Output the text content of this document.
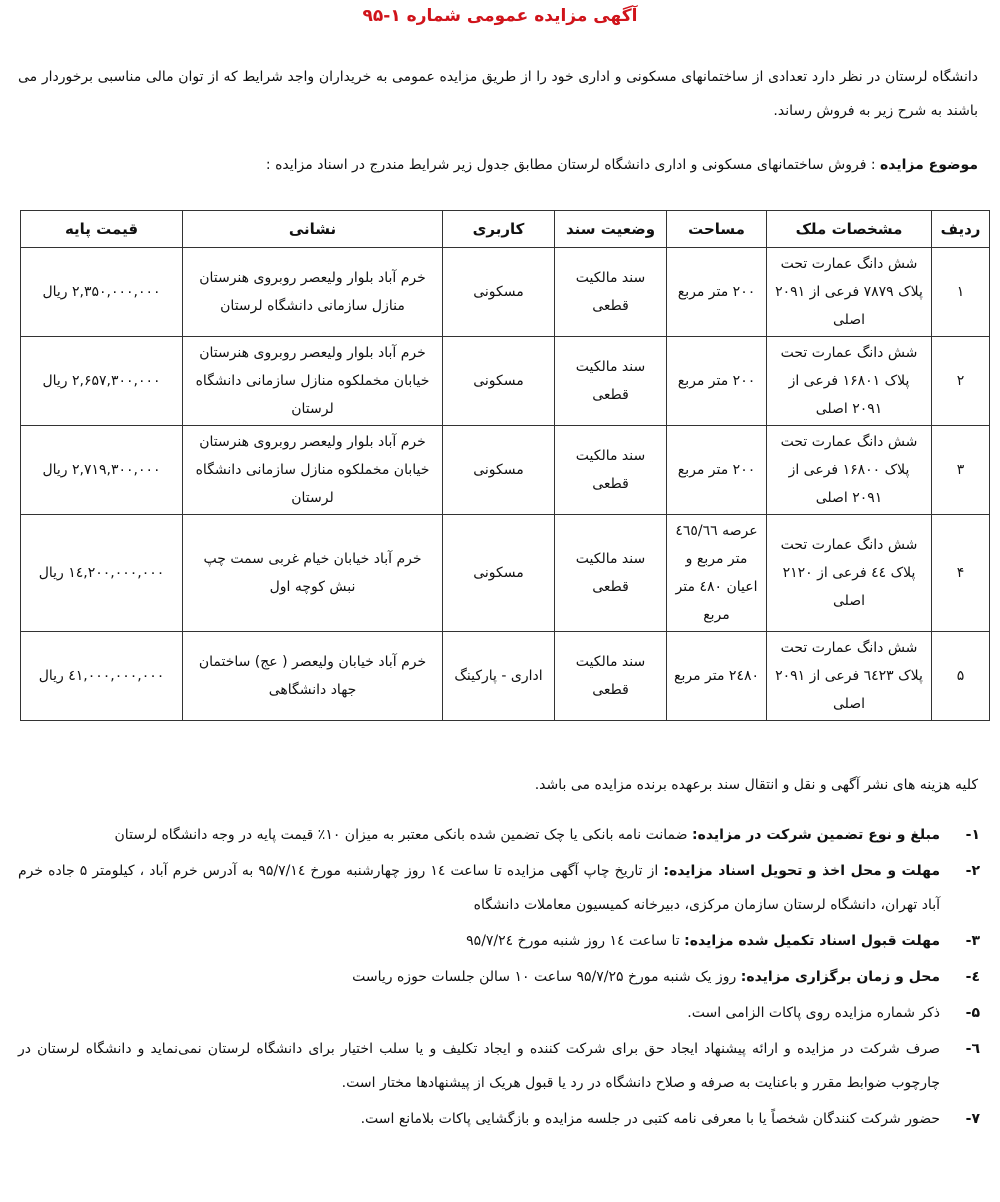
آگهی مزایده عمومی شماره ۱-۹۵

دانشگاه لرستان در نظر دارد تعدادی از ساختمانهای مسکونی و اداری خود را از طریق مزایده عمومی به خریداران واجد شرایط که از توان مالی مناسبی برخوردار می باشند به شرح زیر به فروش رساند.

موضوع مزایده : فروش ساختمانهای مسکونی و اداری دانشگاه لرستان مطابق جدول زیر شرایط مندرج در اسناد مزایده :

ردیف	مشخصات ملک	مساحت	وضعیت سند	کاربری	نشانی	قیمت پایه
۱	شش دانگ عمارت تحت پلاک ۷۸۷۹ فرعی از ۲۰۹۱ اصلی	۲۰۰ متر مربع	سند مالکیت قطعی	مسکونی	خرم آباد بلوار ولیعصر روبروی هنرستان منازل سازمانی دانشگاه لرستان	۲,۳۵۰,۰۰۰,۰۰۰ ریال
۲	شش دانگ عمارت تحت پلاک ۱۶۸۰۱ فرعی از ۲۰۹۱ اصلی	۲۰۰ متر مربع	سند مالکیت قطعی	مسکونی	خرم آباد بلوار ولیعصر روبروی هنرستان خیابان مخملکوه منازل سازمانی دانشگاه لرستان	۲,۶۵۷,۳۰۰,۰۰۰ ریال
۳	شش دانگ عمارت تحت پلاک ۱۶۸۰۰ فرعی از ۲۰۹۱ اصلی	۲۰۰ متر مربع	سند مالکیت قطعی	مسکونی	خرم آباد بلوار ولیعصر روبروی هنرستان خیابان مخملکوه منازل سازمانی دانشگاه لرستان	۲,۷۱۹,۳۰۰,۰۰۰ ریال
۴	شش دانگ عمارت تحت پلاک ٤٤ فرعی از ۲۱۲۰ اصلی	عرصه ٤٦٥/٦٦ متر مربع و اعیان ٤٨٠ متر مربع	سند مالکیت قطعی	مسکونی	خرم آباد خیابان خیام غربی سمت چپ نبش کوچه اول	١٤,٢٠٠,٠٠٠,٠٠٠ ریال
۵	شش دانگ عمارت تحت پلاک ٦٤٢٣ فرعی از ۲۰۹۱ اصلی	۲٤٨٠ متر مربع	سند مالکیت قطعی	اداری - پارکینگ	خرم آباد خیابان ولیعصر ( عج) ساختمان جهاد دانشگاهی	٤١,٠٠٠,٠٠٠,٠٠٠ ریال

کلیه هزینه های نشر آگهی و نقل و انتقال سند برعهده برنده مزایده می باشد.

۱-
مبلغ و نوع تضمین شرکت در مزایده: ضمانت نامه بانکی یا چک تضمین شده بانکی معتبر به میزان ۱۰٪ قیمت پایه در وجه دانشگاه لرستان
۲-
مهلت و محل اخذ و تحویل اسناد مزایده: از تاریخ چاپ آگهی مزایده تا ساعت ١٤ روز چهارشنبه مورخ ۹۵/۷/١٤ به آدرس خرم آباد ، کیلومتر ۵ جاده خرم آباد تهران، دانشگاه لرستان سازمان مرکزی، دبیرخانه کمیسیون معاملات دانشگاه
۳-
مهلت قبول اسناد تکمیل شده مزایده: تا ساعت ١٤ روز شنبه مورخ ۹۵/۷/۲٤
٤-
محل و زمان برگزاری مزایده: روز یک شنبه مورخ ۹۵/۷/۲۵ ساعت ۱۰ سالن جلسات حوزه ریاست
۵-
ذکر شماره مزایده روی پاکات الزامی است.
٦-
صرف شرکت در مزایده و ارائه پیشنهاد ایجاد حق برای شرکت کننده و ایجاد تکلیف و یا سلب اختیار برای دانشگاه لرستان نمی‌نماید و دانشگاه لرستان در چارچوب ضوابط مقرر و باعنایت به صرفه و صلاح دانشگاه در رد یا قبول هریک از پیشنهادها مختار است.
۷-
حضور شرکت کنندگان شخصاً یا با معرفی نامه کتبی در جلسه مزایده و بازگشایی پاکات بلامانع است.
